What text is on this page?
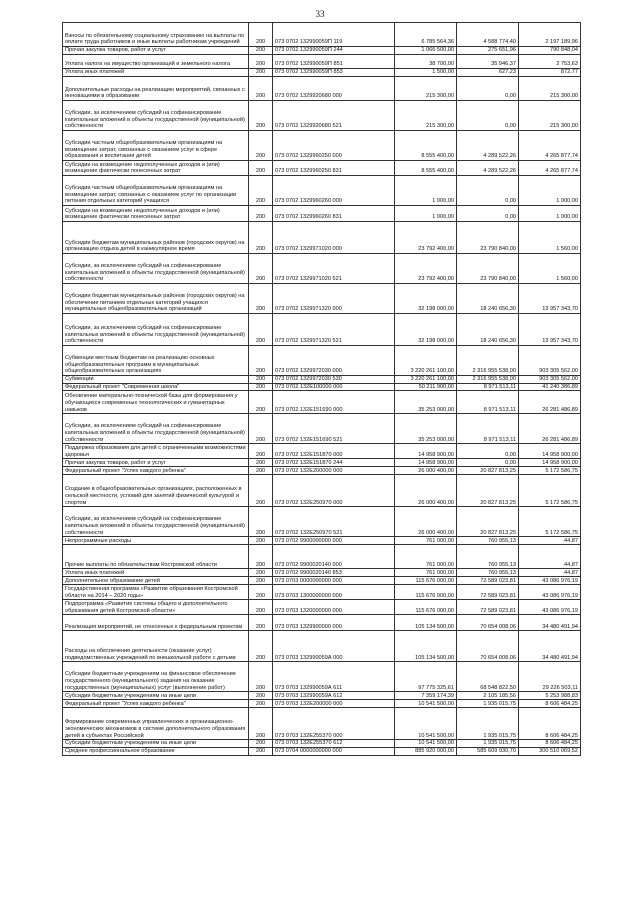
33
Взносы по обязательному социальному страхованию на выплаты по оплате труда работников и иные выплаты работникам учреждений	200	073 0702 132990059П 119	6 785 564,36	4 588 774,40	2 197 189,96
Прочая закупка товаров, работ и услуг	200	073 0702 132990059П 244	1 066 500,00	275 651,96	790 848,04
Уплата налога на имущество организаций и земельного налога	200	073 0702 132990059П 851	38 700,00	35 946,37	2 753,63
Уплата иных платежей	200	073 0702 132990059П 853	1 500,00	627,23	872,77
Дополнительные расходы на реализацию мероприятий, связанных с инновациями в образовании	200	073 0702 1329920680 000	215 300,00	0,00	215 300,00
Субсидии, за исключением субсидий на софинансирование капитальных вложений в объекты государственной (муниципальной) собственности	200	073 0702 1329920680 521	215 300,00	0,00	215 300,00
Субсидии частным общеобразовательным организациям на возмещение затрат, связанных с оказанием услуг в сфере образования и воспитания детей	200	073 0702 1329960250 000	8 555 400,00	4 289 522,26	4 265 877,74
Субсидии на возмещение недополученных доходов и (или) возмещение фактически понесенных затрат	200	073 0702 1329960250 831	8 555 400,00	4 289 522,26	4 265 877,74
Субсидии частным общеобразовательным организациям на возмещение затрат, связанных с оказанием услуг по организации питания отдельных категорий учащихся	200	073 0702 1329960260 000	1 000,00	0,00	1 000,00
Субсидии на возмещение недополученных доходов и (или) возмещение фактически понесенных затрат	200	073 0702 1329960260 831	1 000,00	0,00	1 000,00
Субсидии бюджетам муниципальных районов (городских округов) на организацию отдыха детей в каникулярное время	200	073 0702 1329971020 000	23 792 400,00	23 790 840,00	1 560,00
Субсидии, за исключением субсидий на софинансирование капитальных вложений в объекты государственной (муниципальной) собственности	200	073 0702 1329971020 521	23 792 400,00	23 790 840,00	1 560,00
Субсидии бюджетам муниципальных районов (городских округов) на обеспечение питанием отдельных категорий учащихся муниципальных общеобразовательных организаций	200	073 0702 1329971320 000	32 198 000,00	18 240 656,30	13 957 343,70
Субсидии, за исключением субсидий на софинансирование капитальных вложений в объекты государственной (муниципальной) собственности	200	073 0702 1329971320 521	32 198 000,00	18 240 656,30	13 957 343,70
Субвенции местным бюджетам на реализацию основных общеобразовательных программ в муниципальных общеобразовательных организациях	200	073 0702 1329972030 000	3 220 261 100,00	2 316 955 538,00	903 305 562,00
Субвенции	200	073 0702 1329972030 530	3 220 261 100,00	2 316 955 538,00	903 305 562,00
Федеральный проект "Современная школа"	200	073 0702 132E100000 000	50 211 900,00	8 971 513,11	41 240 386,89
Обновление материально-технической базы для формирования у обучающихся современных технологических и гуманитарных навыков	200	073 0702 132E151690 000	35 253 000,00	8 971 513,11	26 281 486,89
Субсидии, за исключением субсидий на софинансирование капитальных вложений в объекты государственной (муниципальной) собственности	200	073 0702 132E151690 521	35 253 000,00	8 971 513,11	26 281 486,89
Поддержка образования для детей с ограниченными возможностями здоровья	200	073 0702 132E151870 000	14 958 900,00	0,00	14 958 900,00
Прочая закупка товаров, работ и услуг	200	073 0702 132E151870 244	14 958 900,00	0,00	14 958 900,00
Федеральный проект "Успех каждого ребенка"	200	073 0702 132E200000 000	26 000 400,00	20 827 813,25	5 172 586,75
Создание в общеобразовательных организациях, расположенных в сельской местности, условий для занятий физической культурой и спортом	200	073 0702 132E250970 000	26 000 400,00	20 827 813,25	5 172 586,75
Субсидии, за исключением субсидий на софинансирование капитальных вложений в объекты государственной (муниципальной) собственности	200	073 0702 132E250970 521	26 000 400,00	20 827 813,25	5 172 586,75
Непрограммные расходы	200	073 0702 9900000000 000	761 000,00	760 955,13	44,87
Прочие выплаты по обязательствам Костромской области	200	073 0702 9900020140 000	761 000,00	760 955,13	44,87
Уплата иных платежей	200	073 0702 9900020140 853	761 000,00	760 955,13	44,87
Дополнительное образование детей	200	073 0703 0000000000 000	115 676 000,00	72 589 023,81	43 086 976,19
Государственная программа «Развитие образования Костромской области на 2014 – 2020 годы»	200	073 0703 1300000000 000	115 676 000,00	72 589 023,81	43 086 976,19
Подпрограмма «Развитие системы общего и дополнительного образования детей Костромской области»	200	073 0703 1320000000 000	115 676 000,00	72 589 023,81	43 086 976,19
Реализация мероприятий, не отнесенных к федеральным проектам	200	073 0703 1329900000 000	105 134 500,00	70 654 008,06	34 480 491,94
Расходы на обеспечение деятельности (оказание услуг) подведомственных учреждений по внешкольной работе с детьми	200	073 0703 132990059А 000	105 134 500,00	70 654 008,06	34 480 491,94
Субсидии бюджетным учреждениям на финансовое обеспечение государственного (муниципального) задания на оказание государственных (муниципальных) услуг (выполнение работ)	200	073 0703 132990059А 611	97 775 325,61	68 548 822,50	29 226 503,11
Субсидии бюджетным учреждениям на иные цели	200	073 0703 132990059А 612	7 359 174,39	2 105 185,56	5 253 988,83
Федеральный проект "Успех каждого ребенка"	200	073 0703 132E200000 000	10 541 500,00	1 935 015,75	8 606 484,25
Формирование современных управленческих и организационно-экономических механизмов в системе дополнительного образования детей в субъектах Российской	200	073 0703 132E255370 000	10 541 500,00	1 935 015,75	8 606 484,25
Субсидии бюджетным учреждениям на иные цели	200	073 0703 132E255370 612	10 541 500,00	1 935 015,75	8 606 484,25
Среднее профессиональное образование	200	073 0704 0000000000 000	885 920 000,00	585 609 930,70	300 510 069,52
